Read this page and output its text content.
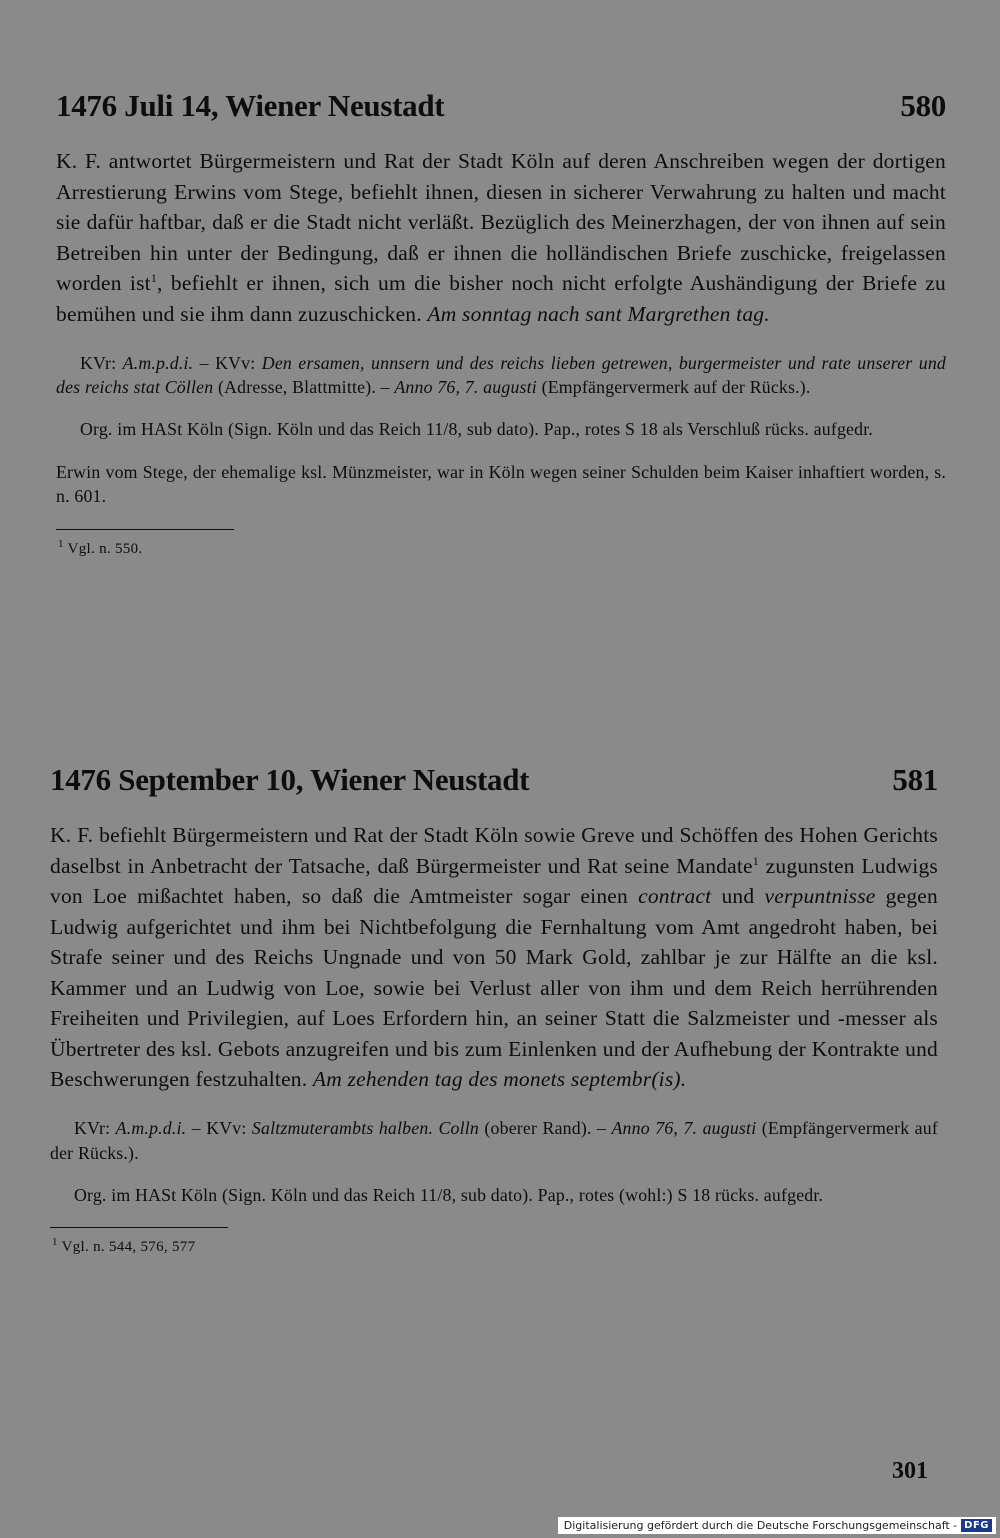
1476 Juli 14, Wiener Neustadt	580

K. F. antwortet Bürgermeistern und Rat der Stadt Köln auf deren Anschreiben wegen der dortigen Arrestierung Erwins vom Stege, befiehlt ihnen, diesen in sicherer Verwahrung zu halten und macht sie dafür haftbar, daß er die Stadt nicht verläßt. Bezüglich des Meinerzhagen, der von ihnen auf sein Betreiben hin unter der Bedingung, daß er ihnen die holländischen Briefe zuschicke, freigelassen worden ist$^1$, befiehlt er ihnen, sich um die bisher noch nicht erfolgte Aushändigung der Briefe zu bemühen und sie ihm dann zuzuschicken. Am sonntag nach sant Margrethen tag.

KVr: A.m.p.d.i. – KVv: Den ersamen, unnsern und des reichs lieben getrewen, burgermeister und rate unserer und des reichs stat Cöllen (Adresse, Blattmitte). – Anno 76, 7. augusti (Empfängervermerk auf der Rücks.).

Org. im HASt Köln (Sign. Köln und das Reich 11/8, sub dato). Pap., rotes S 18 als Verschluß rücks. aufgedr.

Erwin vom Stege, der ehemalige ksl. Münzmeister, war in Köln wegen seiner Schulden beim Kaiser inhaftiert worden, s. n. 601.

$^1$ Vgl. n. 550.
1476 September 10, Wiener Neustadt	581

K. F. befiehlt Bürgermeistern und Rat der Stadt Köln sowie Greve und Schöffen des Hohen Gerichts daselbst in Anbetracht der Tatsache, daß Bürgermeister und Rat seine Mandate$^1$ zugunsten Ludwigs von Loe mißachtet haben, so daß die Amtmeister sogar einen contract und verpuntnisse gegen Ludwig aufgerichtet und ihm bei Nichtbefolgung die Fernhaltung vom Amt angedroht haben, bei Strafe seiner und des Reichs Ungnade und von 50 Mark Gold, zahlbar je zur Hälfte an die ksl. Kammer und an Ludwig von Loe, sowie bei Verlust aller von ihm und dem Reich herrührenden Freiheiten und Privilegien, auf Loes Erfordern hin, an seiner Statt die Salzmeister und -messer als Übertreter des ksl. Gebots anzugreifen und bis zum Einlenken und der Aufhebung der Kontrakte und Beschwerungen festzuhalten. Am zehenden tag des monets septembr(is).

KVr: A.m.p.d.i. – KVv: Saltzmuterambts halben. Colln (oberer Rand). – Anno 76, 7. augusti (Empfängervermerk auf der Rücks.).

Org. im HASt Köln (Sign. Köln und das Reich 11/8, sub dato). Pap., rotes (wohl:) S 18 rücks. aufgedr.

$^1$ Vgl. n. 544, 576, 577
301
Digitalisierung gefördert durch die Deutsche Forschungsgemeinschaft - DFG
